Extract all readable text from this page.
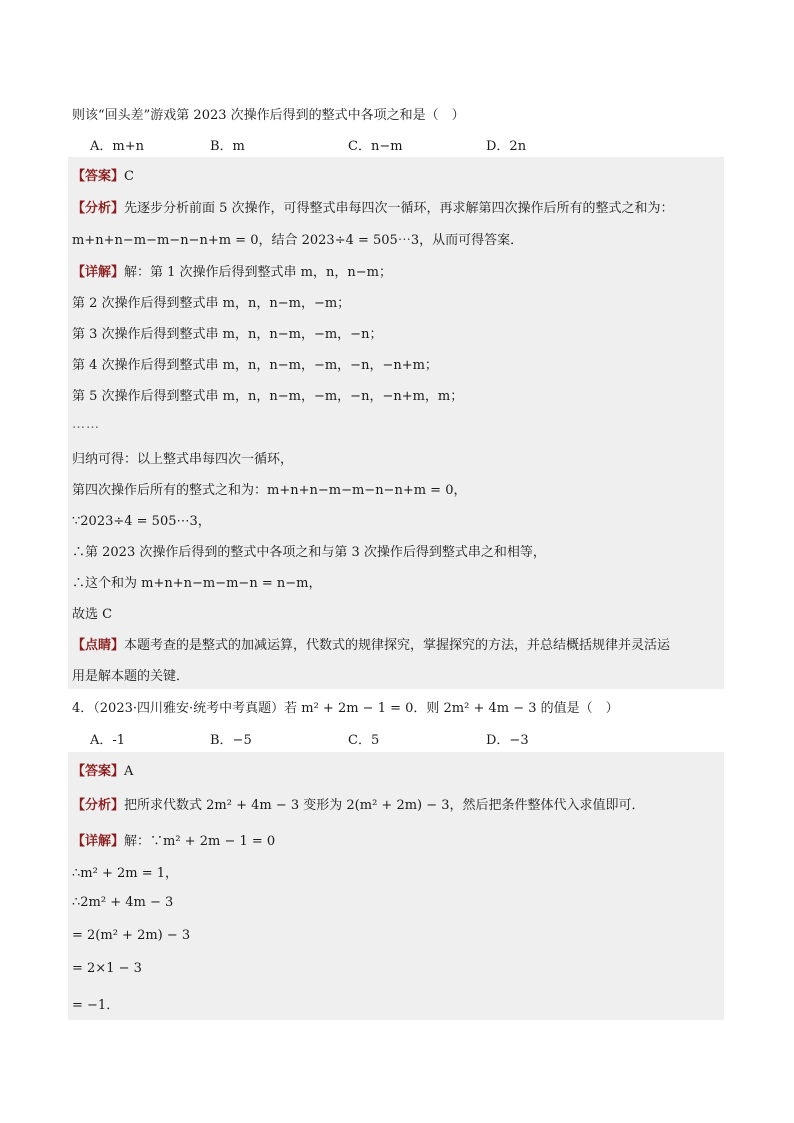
则该“回头差”游戏第 2023 次操作后得到的整式中各项之和是（　）
A．m+n	B．m	C．n−m	D．2n
【答案】C
【分析】先逐步分析前面 5 次操作，可得整式串每四次一循环，再求解第四次操作后所有的整式之和为：
m+n+n−m−m−n−n+m = 0，结合 2023÷4 = 505⋯3，从而可得答案．
【详解】解：第 1 次操作后得到整式串 m，n，n−m；
第 2 次操作后得到整式串 m，n，n−m，−m；
第 3 次操作后得到整式串 m，n，n−m，−m，−n；
第 4 次操作后得到整式串 m，n，n−m，−m，−n，−n+m；
第 5 次操作后得到整式串 m，n，n−m，−m，−n，−n+m，m；
……
归纳可得：以上整式串每四次一循环，
第四次操作后所有的整式之和为：m+n+n−m−m−n−n+m = 0，
∵2023÷4 = 505⋯3，
∴第 2023 次操作后得到的整式中各项之和与第 3 次操作后得到整式串之和相等，
∴这个和为 m+n+n−m−m−n = n−m，
故选 C
【点睛】本题考查的是整式的加减运算，代数式的规律探究，掌握探究的方法，并总结概括规律并灵活运
用是解本题的关键．
4．（2023·四川雅安·统考中考真题）若 m² + 2m − 1 = 0．则 2m² + 4m − 3 的值是（　）
A．-1	B．−5	C．5	D．−3
【答案】A
【分析】把所求代数式 2m² + 4m − 3 变形为 2(m² + 2m) − 3，然后把条件整体代入求值即可．
【详解】解：∵m² + 2m − 1 = 0
∴m² + 2m = 1，
∴2m² + 4m − 3
= 2(m² + 2m) − 3
= 2×1 − 3
= −1．
